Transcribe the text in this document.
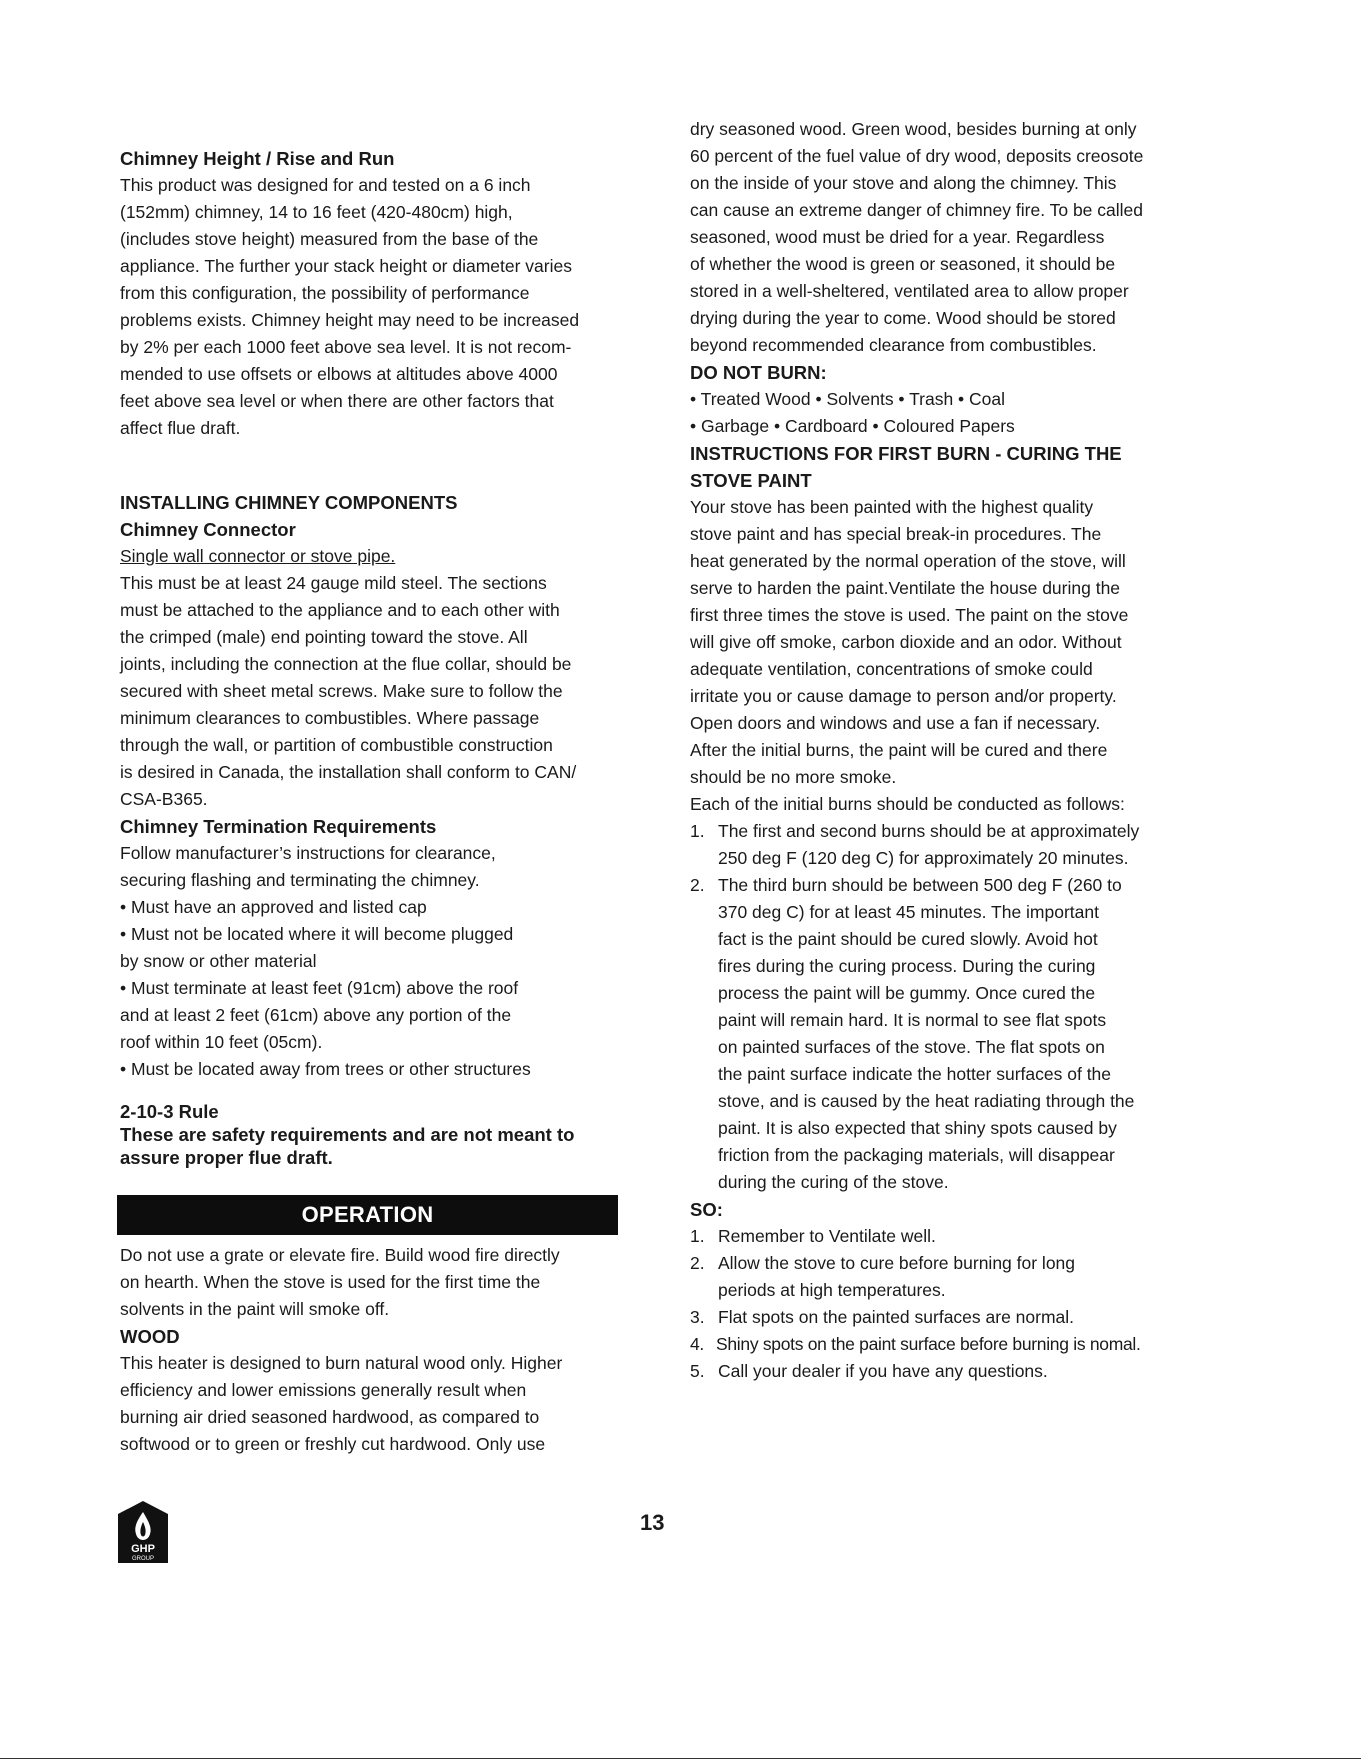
Chimney Height / Rise and Run
This product was designed for and tested on a 6 inch
(152mm) chimney, 14 to 16 feet (420-480cm) high,
(includes stove height) measured from the base of the
appliance. The further your stack height or diameter varies
from this configuration, the possibility of performance
problems exists. Chimney height may need to be increased
by 2% per each 1000 feet above sea level. It is not recom-
mended to use offsets or elbows at altitudes above 4000
feet above sea level or when there are other factors that
affect flue draft.
INSTALLING CHIMNEY COMPONENTS
Chimney Connector
Single wall connector or stove pipe.
This must be at least 24 gauge mild steel. The sections
must be attached to the appliance and to each other with
the crimped (male) end pointing toward the stove. All
joints, including the connection at the flue collar, should be
secured with sheet metal screws. Make sure to follow the
minimum clearances to combustibles. Where passage
through the wall, or partition of combustible construction
is desired in Canada, the installation shall conform to CAN/
CSA-B365.
Chimney Termination Requirements
Follow manufacturer’s instructions for clearance,
securing flashing and terminating the chimney.
• Must have an approved and listed cap
• Must not be located where it will become plugged
by snow or other material
• Must terminate at least feet (91cm) above the roof
and at least 2 feet (61cm) above any portion of the
roof within 10 feet (05cm).
• Must be located away from trees or other structures
2-10-3 Rule
These are safety requirements and are not meant to
assure proper flue draft.
Do not use a grate or elevate fire. Build wood fire directly
on hearth. When the stove is used for the first time the
solvents in the paint will smoke off.
WOOD
This heater is designed to burn natural wood only. Higher
efficiency and lower emissions generally result when
burning air dried seasoned hardwood, as compared to
softwood or to green or freshly cut hardwood. Only use
OPERATION
dry seasoned wood. Green wood, besides burning at only
60 percent of the fuel value of dry wood, deposits creosote
on the inside of your stove and along the chimney. This
can cause an extreme danger of chimney fire. To be called
seasoned, wood must be dried for a year. Regardless
of whether the wood is green or seasoned, it should be
stored in a well-sheltered, ventilated area to allow proper
drying during the year to come. Wood should be stored
beyond recommended clearance from combustibles.
DO NOT BURN:
• Treated Wood • Solvents • Trash • Coal
• Garbage • Cardboard • Coloured Papers
INSTRUCTIONS FOR FIRST BURN - CURING THE
STOVE PAINT
Your stove has been painted with the highest quality
stove paint and has special break-in procedures. The
heat generated by the normal operation of the stove, will
serve to harden the paint.Ventilate the house during the
first three times the stove is used. The paint on the stove
will give off smoke, carbon dioxide and an odor. Without
adequate ventilation, concentrations of smoke could
irritate you or cause damage to person and/or property.
Open doors and windows and use a fan if necessary.
After the initial burns, the paint will be cured and there
should be no more smoke.
Each of the initial burns should be conducted as follows:
1. The first and second burns should be at approximately
250 deg F (120 deg C) for approximately 20 minutes.
2. The third burn should be between 500 deg F (260 to
370 deg C) for at least 45 minutes. The important
fact is the paint should be cured slowly. Avoid hot
fires during the curing process. During the curing
process the paint will be gummy. Once cured the
paint will remain hard. It is normal to see flat spots
on painted surfaces of the stove. The flat spots on
the paint surface indicate the hotter surfaces of the
stove, and is caused by the heat radiating through the
paint. It is also expected that shiny spots caused by
friction from the packaging materials, will disappear
during the curing of the stove.
SO:
1. Remember to Ventilate well.
2. Allow the stove to cure before burning for long
periods at high temperatures.
3. Flat spots on the painted surfaces are normal.
4. Shiny spots on the paint surface before burning is nomal.
5. Call your dealer if you have any questions.
GHP
GROUP
13
